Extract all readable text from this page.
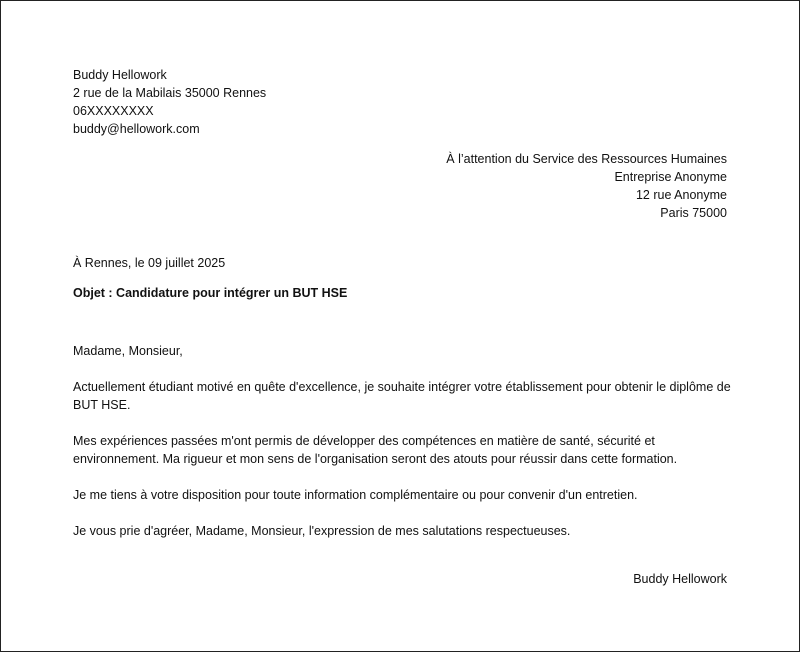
Buddy Hellowork
2 rue de la Mabilais 35000 Rennes
06XXXXXXXX
buddy@hellowork.com
À l’attention du Service des Ressources Humaines
Entreprise Anonyme
12 rue Anonyme
Paris 75000
À Rennes, le 09 juillet 2025
Objet : Candidature pour intégrer un BUT HSE

Madame, Monsieur,

Actuellement étudiant motivé en quête d'excellence, je souhaite intégrer votre établissement pour obtenir le diplôme de BUT HSE.

Mes expériences passées m'ont permis de développer des compétences en matière de santé, sécurité et environnement. Ma rigueur et mon sens de l'organisation seront des atouts pour réussir dans cette formation.

Je me tiens à votre disposition pour toute information complémentaire ou pour convenir d'un entretien.

Je vous prie d'agréer, Madame, Monsieur, l'expression de mes salutations respectueuses.

Buddy Hellowork
